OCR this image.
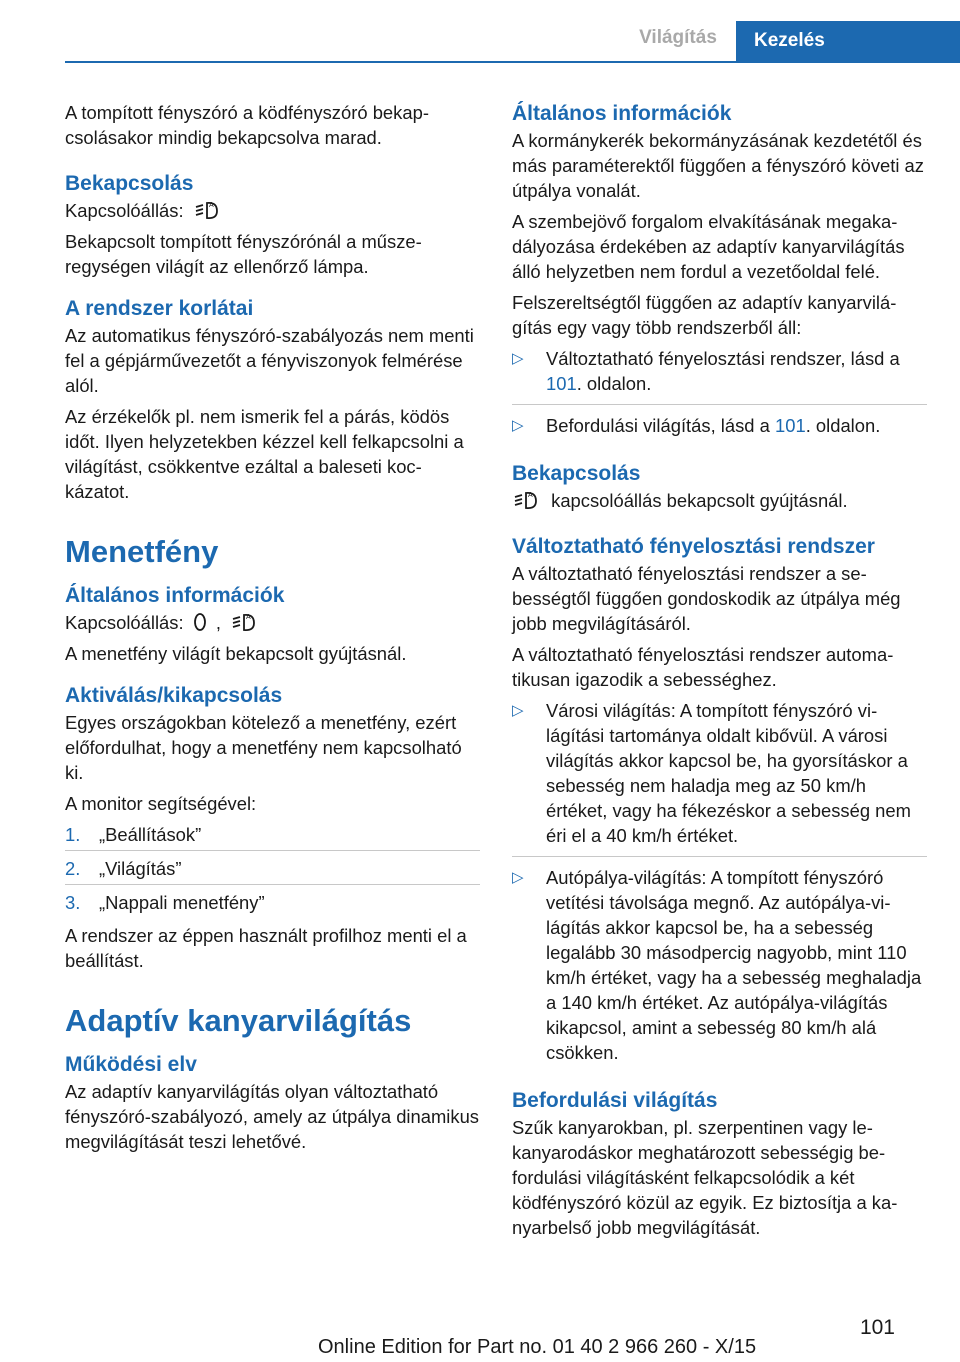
Világítás	Kezelés

A tompított fényszóró a ködfényszóró bekapcsolásakor mindig bekapcsolva marad.

Bekapcsolás

Kapcsolóállás:	A

Bekapcsolt tompított fényszórónál a műszeregységen világít az ellenőrző lámpa.

A rendszer korlátai

Az automatikus fényszóró-szabályozás nem menti fel a gépjárművezetőt a fényviszonyok felmérése alól.

Az érzékelők pl. nem ismerik fel a párás, ködös időt. Ilyen helyzetekben kézzel kell felkapcsolni a világítást, csökkentve ezáltal a baleseti kockázatot.

Menetfény
Általános információk

Kapcsolóállás: ,	A

A menetfény világít bekapcsolt gyújtásnál.

Aktiválás/kikapcsolás

Egyes országokban kötelező a menetfény, ezért előfordulhat, hogy a menetfény nem kapcsolható ki.

A monitor segítségével:

1. „Beállítások”
2. „Világítás”
3. „Nappali menetfény”

A rendszer az éppen használt profilhoz menti el a beállítást.

Adaptív kanyarvilágítás
Működési elv

Az adaptív kanyarvilágítás olyan változtatható fényszóró-szabályozó, amely az útpálya dinamikus megvilágítását teszi lehetővé.

Általános információk

A kormánykerék bekormányzásának kezdetétől és más paraméterektől függően a fényszóró követi az útpálya vonalát.

A szembejövő forgalom elvakításának megakadályozása érdekében az adaptív kanyarvilágítás álló helyzetben nem fordul a vezetőoldal felé.

Felszereltségtől függően az adaptív kanyarvilágítás egy vagy több rendszerből áll:

▷ Változtatható fényelosztási rendszer, lásd a 101. oldalon.
▷ Befordulási világítás, lásd a 101. oldalon.
Bekapcsolás

A kapcsolóállás bekapcsolt gyújtásnál.

Változtatható fényelosztási rendszer

A változtatható fényelosztási rendszer a sebességtől függően gondoskodik az útpálya még jobb megvilágításáról.

A változtatható fényelosztási rendszer automatikusan igazodik a sebességhez.

▷ Városi világítás: A tompított fényszóró világítási tartománya oldalt kibővül. A városi világítás akkor kapcsol be, ha gyorsításkor a sebesség nem haladja meg az 50 km/h értéket, vagy ha fékezéskor a sebesség nem éri el a 40 km/h értéket.
▷ Autópálya-világítás: A tompított fényszóró vetítési távolsága megnő. Az autópálya-világítás akkor kapcsol be, ha a sebesség legalább 30 másodpercig nagyobb, mint 110 km/h értéket, vagy ha a sebesség meghaladja a 140 km/h értéket. Az autópálya-világítás kikapcsol, amint a sebesség 80 km/h alá csökken.
Befordulási világítás

Szűk kanyarokban, pl. szerpentinen vagy lekanyarodáskor meghatározott sebességig befordulási világításként felkapcsolódik a két ködfényszóró közül az egyik. Ez biztosítja a kanyarbelső jobb megvilágítását.

101
Online Edition for Part no. 01 40 2 966 260 - X/15
